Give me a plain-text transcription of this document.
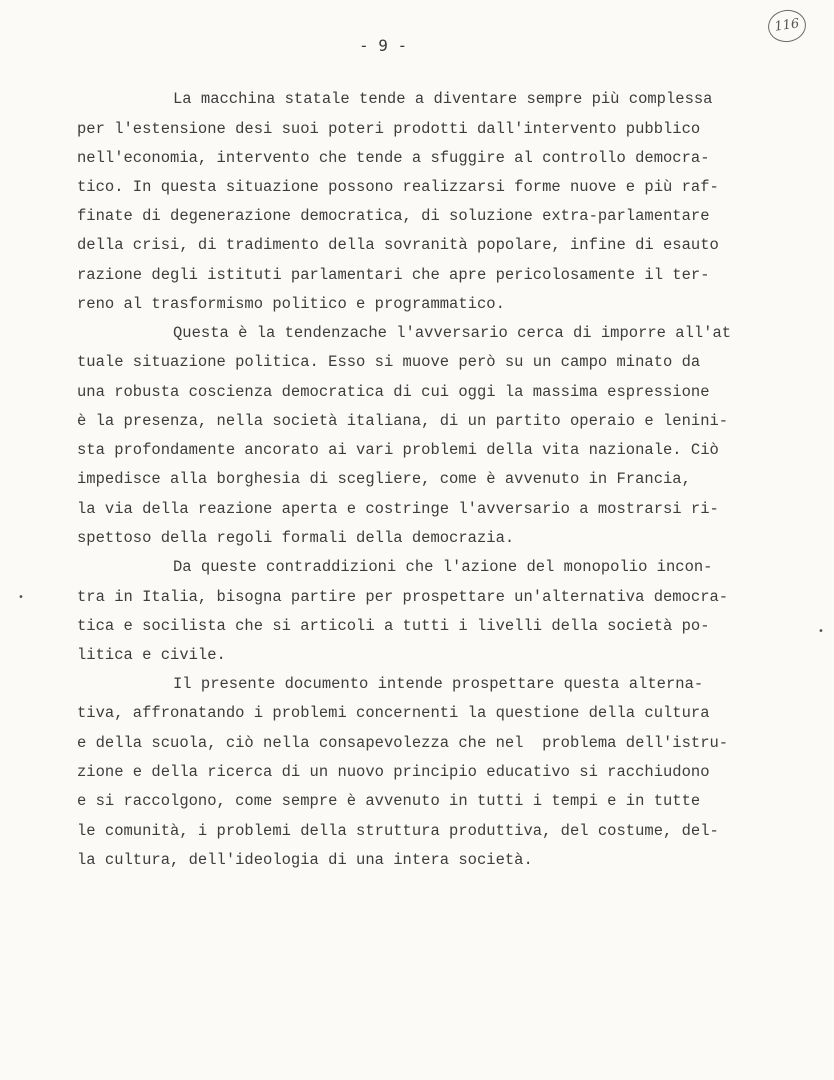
- 9 -
116
•
•
La macchina statale tende a diventare sempre più complessa
per l'estensione desi suoi poteri prodotti dall'intervento pubblico
nell'economia, intervento che tende a sfuggire al controllo democra-
tico. In questa situazione possono realizzarsi forme nuove e più raf-
finate di degenerazione democratica, di soluzione extra-parlamentare
della crisi, di tradimento della sovranità popolare, infine di esauto
razione degli istituti parlamentari che apre pericolosamente il ter-
reno al trasformismo politico e programmatico.
Questa è la tendenzache l'avversario cerca di imporre all'at
tuale situazione politica. Esso si muove però su un campo minato da
una robusta coscienza democratica di cui oggi la massima espressione
è la presenza, nella società italiana, di un partito operaio e lenini-
sta profondamente ancorato ai vari problemi della vita nazionale. Ciò
impedisce alla borghesia di scegliere, come è avvenuto in Francia,
la via della reazione aperta e costringe l'avversario a mostrarsi ri-
spettoso della regoli formali della democrazia.
Da queste contraddizioni che l'azione del monopolio incon-
tra in Italia, bisogna partire per prospettare un'alternativa democra-
tica e socilista che si articoli a tutti i livelli della società po-
litica e civile.
Il presente documento intende prospettare questa alterna-
tiva, affronatando i problemi concernenti la questione della cultura
e della scuola, ciò nella consapevolezza che nel  problema dell'istru-
zione e della ricerca di un nuovo principio educativo si racchiudono
e si raccolgono, come sempre è avvenuto in tutti i tempi e in tutte
le comunità, i problemi della struttura produttiva, del costume, del-
la cultura, dell'ideologia di una intera società.
